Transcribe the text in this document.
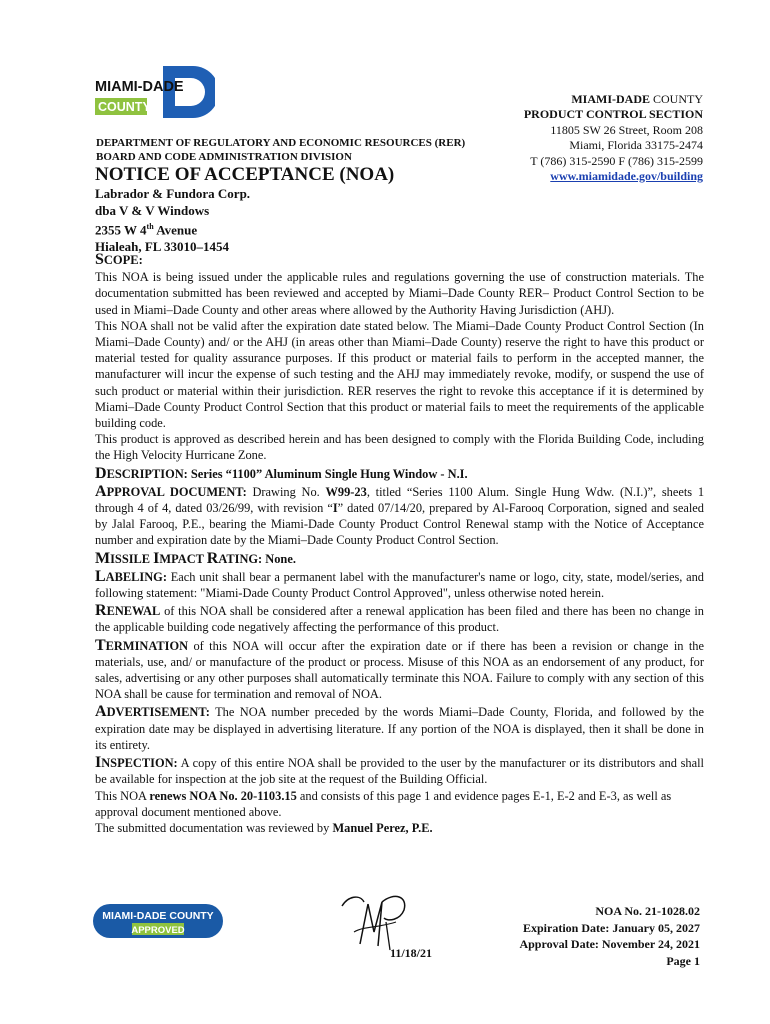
MIAMI-DADE
COUNTY
MIAMI-DADE COUNTY
PRODUCT CONTROL SECTION
11805 SW 26 Street, Room 208
Miami, Florida 33175-2474
T (786) 315-2590 F (786) 315-2599
www.miamidade.gov/building
DEPARTMENT OF REGULATORY AND ECONOMIC RESOURCES (RER)
BOARD AND CODE ADMINISTRATION DIVISION
NOTICE OF ACCEPTANCE (NOA)
Labrador & Fundora Corp.
dba V & V Windows
2355 W 4th Avenue
Hialeah, FL 33010–1454
SCOPE:

This NOA is being issued under the applicable rules and regulations governing the use of construction materials. The documentation submitted has been reviewed and accepted by Miami–Dade County RER– Product Control Section to be used in Miami–Dade County and other areas where allowed by the Authority Having Jurisdiction (AHJ).

This NOA shall not be valid after the expiration date stated below. The Miami–Dade County Product Control Section (In Miami–Dade County) and/ or the AHJ (in areas other than Miami–Dade County) reserve the right to have this product or material tested for quality assurance purposes. If this product or material fails to perform in the accepted manner, the manufacturer will incur the expense of such testing and the AHJ may immediately revoke, modify, or suspend the use of such product or material within their jurisdiction. RER reserves the right to revoke this acceptance if it is determined by Miami–Dade County Product Control Section that this product or material fails to meet the requirements of the applicable building code.

This product is approved as described herein and has been designed to comply with the Florida Building Code, including the High Velocity Hurricane Zone.

DESCRIPTION: Series “1100” Aluminum Single Hung Window - N.I.

APPROVAL DOCUMENT: Drawing No. W99-23, titled “Series 1100 Alum. Single Hung Wdw. (N.I.)”, sheets 1 through 4 of 4, dated 03/26/99, with revision “I” dated 07/14/20, prepared by Al-Farooq Corporation, signed and sealed by Jalal Farooq, P.E., bearing the Miami-Dade County Product Control Renewal stamp with the Notice of Acceptance number and expiration date by the Miami–Dade County Product Control Section.

MISSILE IMPACT RATING: None.

LABELING: Each unit shall bear a permanent label with the manufacturer's name or logo, city, state, model/series, and following statement: "Miami-Dade County Product Control Approved", unless otherwise noted herein.

RENEWAL of this NOA shall be considered after a renewal application has been filed and there has been no change in the applicable building code negatively affecting the performance of this product.

TERMINATION of this NOA will occur after the expiration date or if there has been a revision or change in the materials, use, and/ or manufacture of the product or process. Misuse of this NOA as an endorsement of any product, for sales, advertising or any other purposes shall automatically terminate this NOA. Failure to comply with any section of this NOA shall be cause for termination and removal of NOA.

ADVERTISEMENT: The NOA number preceded by the words Miami–Dade County, Florida, and followed by the expiration date may be displayed in advertising literature. If any portion of the NOA is displayed, then it shall be done in its entirety.

INSPECTION: A copy of this entire NOA shall be provided to the user by the manufacturer or its distributors and shall be available for inspection at the job site at the request of the Building Official.

This NOA renews NOA No. 20-1103.15 and consists of this page 1 and evidence pages E-1, E-2 and E-3, as well as approval document mentioned above.

The submitted documentation was reviewed by Manuel Perez, P.E.

MIAMI-DADE COUNTY
APPROVED
11/18/21
NOA No. 21-1028.02
Expiration Date: January 05, 2027
Approval Date: November 24, 2021
Page 1
